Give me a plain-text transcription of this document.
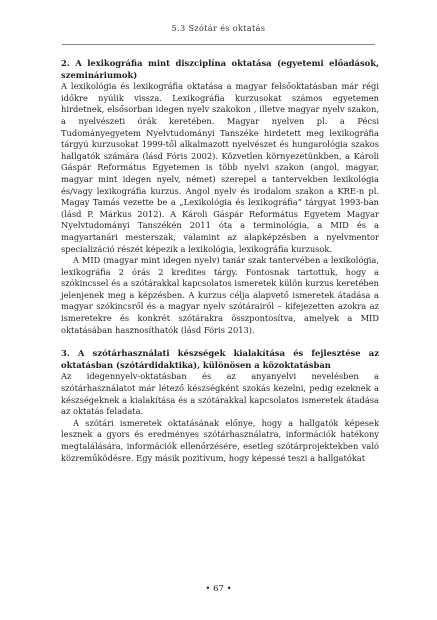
5.3 Szótár és oktatás
2. A lexikográfia mint diszciplína oktatása (egyetemi előadások, szemináriumok)

A lexikológia és lexikográfia oktatása a magyar felsőoktatásban már régi időkre nyúlik vissza. Lexikográfia kurzusokat számos egyetemen hirdetnek, elsősorban idegen nyelv szakokon , illetve magyar nyelv szakon, a nyelvészeti órák keretében. Magyar nyelven pl. a Pécsi Tudományegyetem Nyelvtudományi Tanszéke hirdetett meg lexikográfia tárgyú kurzusokat 1999-től alkalmazott nyelvészet és hungarológia szakos hallgatók számára (lásd Fóris 2002). Közvetlen környezetünkben, a Károli Gáspár Református Egyetemen is több nyelvi szakon (angol, magyar, magyar mint idegen nyelv, német) szerepel a tantervekben lexikológia és/vagy lexikográfia kurzus. Angol nyelv és irodalom szakon a KRE-n pl. Magay Tamás vezette be a „Lexikológia és lexikográfia” tárgyat 1993-ban (lásd P. Márkus 2012). A Károli Gáspár Református Egyetem Magyar Nyelvtudományi Tanszékén 2011 óta a terminológia, a MID és a magyartanári mesterszak, valamint az alapképzésben a nyelvmentor specializáció részét képezik a lexikológia, lexikográfia kurzusok.

A MID (magyar mint idegen nyelv) tanár szak tantervében a lexikológia, lexikográfia 2 órás 2 kredites tárgy. Fontosnak tartottuk, hogy a szókincssel és a szótárakkal kapcsolatos ismeretek külön kurzus keretében jelenjenek meg a képzésben. A kurzus célja alapvető ismeretek átadása a magyar szókincsről és a magyar nyelv szótárairól – kifejezetten azokra az ismeretekre és konkrét szótárakra összpontosítva, amelyek a MID oktatásában hasznosíthatók (lásd Fóris 2013).

3. A szótárhasználati készségek kialakítása és fejlesztése az oktatásban (szótárdidaktika), különösen a közoktatásban

Az idegennyelv-oktatásban és az anyanyelvi nevelésben a szótárhasználatot már létező készségként szokás kezelni, pedig ezeknek a készségeknek a kialakítása és a szótárakkal kapcsolatos ismeretek átadása az oktatás feladata.

A szótári ismeretek oktatásának előnye, hogy a hallgatók képesek lesznek a gyors és eredményes szótárhasználatra, információk hatékony megtalálására, információk ellenőrzésére, esetleg szótárprojektekben való közreműködésre. Egy másik pozitívum, hogy képessé teszi a hallgatókat

• 67 •
